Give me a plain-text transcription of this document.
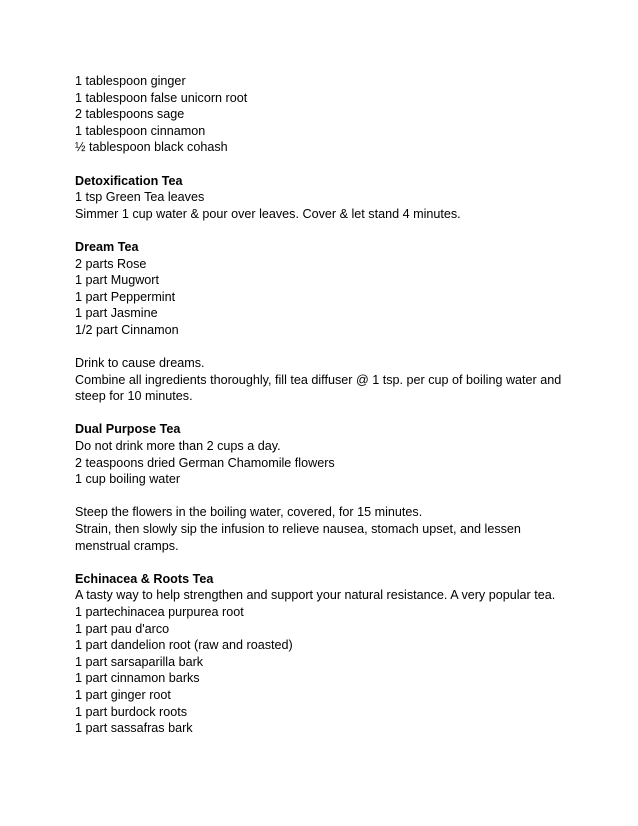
1 tablespoon ginger
1 tablespoon false unicorn root
2 tablespoons sage
1 tablespoon cinnamon
½ tablespoon black cohash
Detoxification Tea
1 tsp Green Tea leaves
Simmer 1 cup water & pour over leaves. Cover & let stand 4 minutes.
Dream Tea
2 parts Rose
1 part Mugwort
1 part Peppermint
1 part Jasmine
1/2 part Cinnamon
Drink to cause dreams.
Combine all ingredients thoroughly, fill tea diffuser @ 1 tsp. per cup of boiling water and
steep for 10 minutes.
Dual Purpose Tea
Do not drink more than 2 cups a day.
2 teaspoons dried German Chamomile flowers
1 cup boiling water
Steep the flowers in the boiling water, covered, for 15 minutes.
Strain, then slowly sip the infusion to relieve nausea, stomach upset, and lessen
menstrual cramps.
Echinacea & Roots Tea
A tasty way to help strengthen and support your natural resistance. A very popular tea.
1 partechinacea purpurea root
1 part pau d'arco
1 part dandelion root (raw and roasted)
1 part sarsaparilla bark
1 part cinnamon barks
1 part ginger root
1 part burdock roots
1 part sassafras bark
